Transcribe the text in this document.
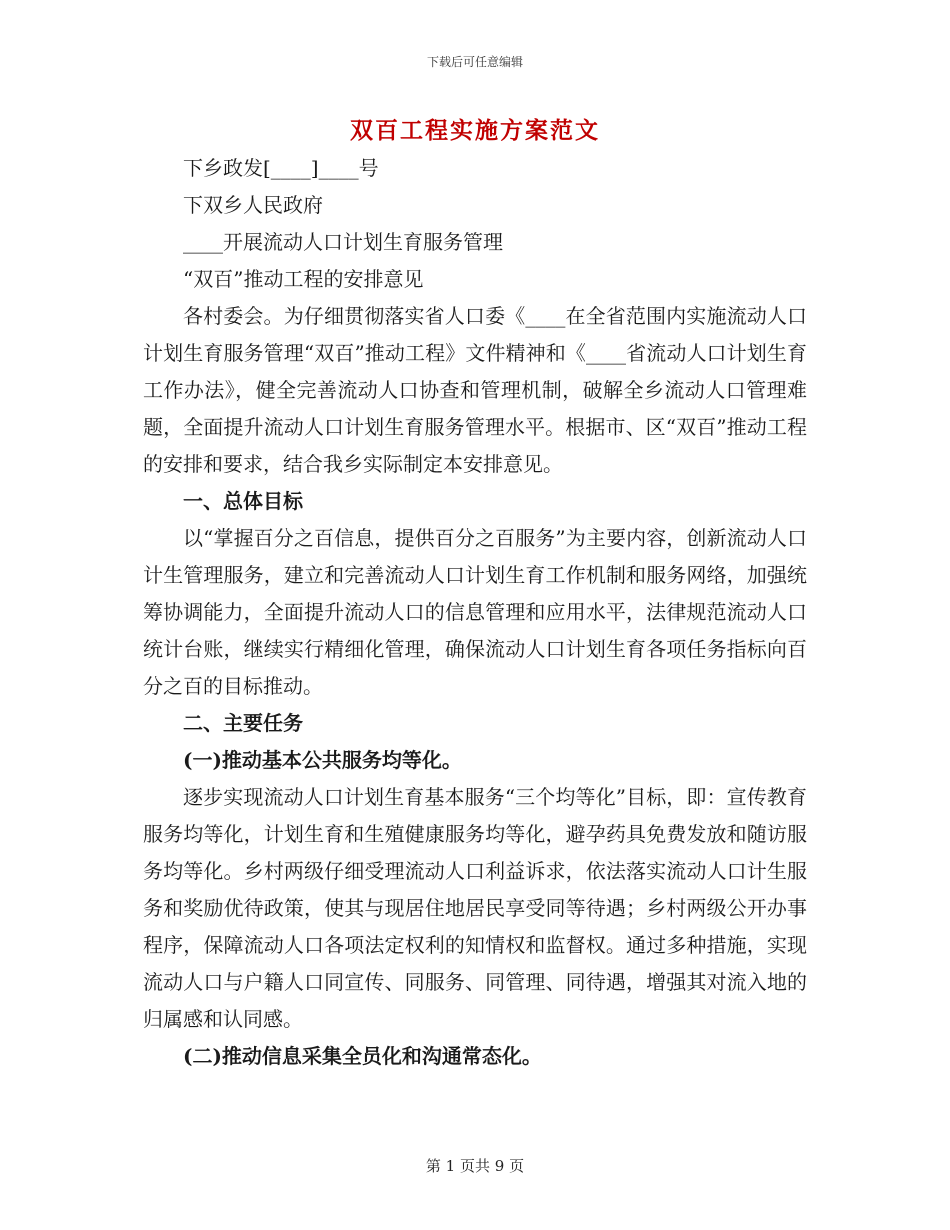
下载后可任意编辑
双百工程实施方案范文

下乡政发[____]____号

下双乡人民政府

____开展流动人口计划生育服务管理

“双百”推动工程的安排意见

各村委会。为仔细贯彻落实省人口委《____在全省范围内实施流动人口计划生育服务管理“双百”推动工程》文件精神和《____省流动人口计划生育工作办法》，健全完善流动人口协查和管理机制，破解全乡流动人口管理难题，全面提升流动人口计划生育服务管理水平。根据市、区“双百”推动工程的安排和要求，结合我乡实际制定本安排意见。

一、总体目标

以“掌握百分之百信息，提供百分之百服务”为主要内容，创新流动人口计生管理服务，建立和完善流动人口计划生育工作机制和服务网络，加强统筹协调能力，全面提升流动人口的信息管理和应用水平，法律规范流动人口统计台账，继续实行精细化管理，确保流动人口计划生育各项任务指标向百分之百的目标推动。

二、主要任务

(一)推动基本公共服务均等化。

逐步实现流动人口计划生育基本服务“三个均等化”目标，即：宣传教育服务均等化，计划生育和生殖健康服务均等化，避孕药具免费发放和随访服务均等化。乡村两级仔细受理流动人口利益诉求，依法落实流动人口计生服务和奖励优待政策，使其与现居住地居民享受同等待遇；乡村两级公开办事程序，保障流动人口各项法定权利的知情权和监督权。通过多种措施，实现流动人口与户籍人口同宣传、同服务、同管理、同待遇，增强其对流入地的归属感和认同感。

(二)推动信息采集全员化和沟通常态化。

第 1 页共 9 页
